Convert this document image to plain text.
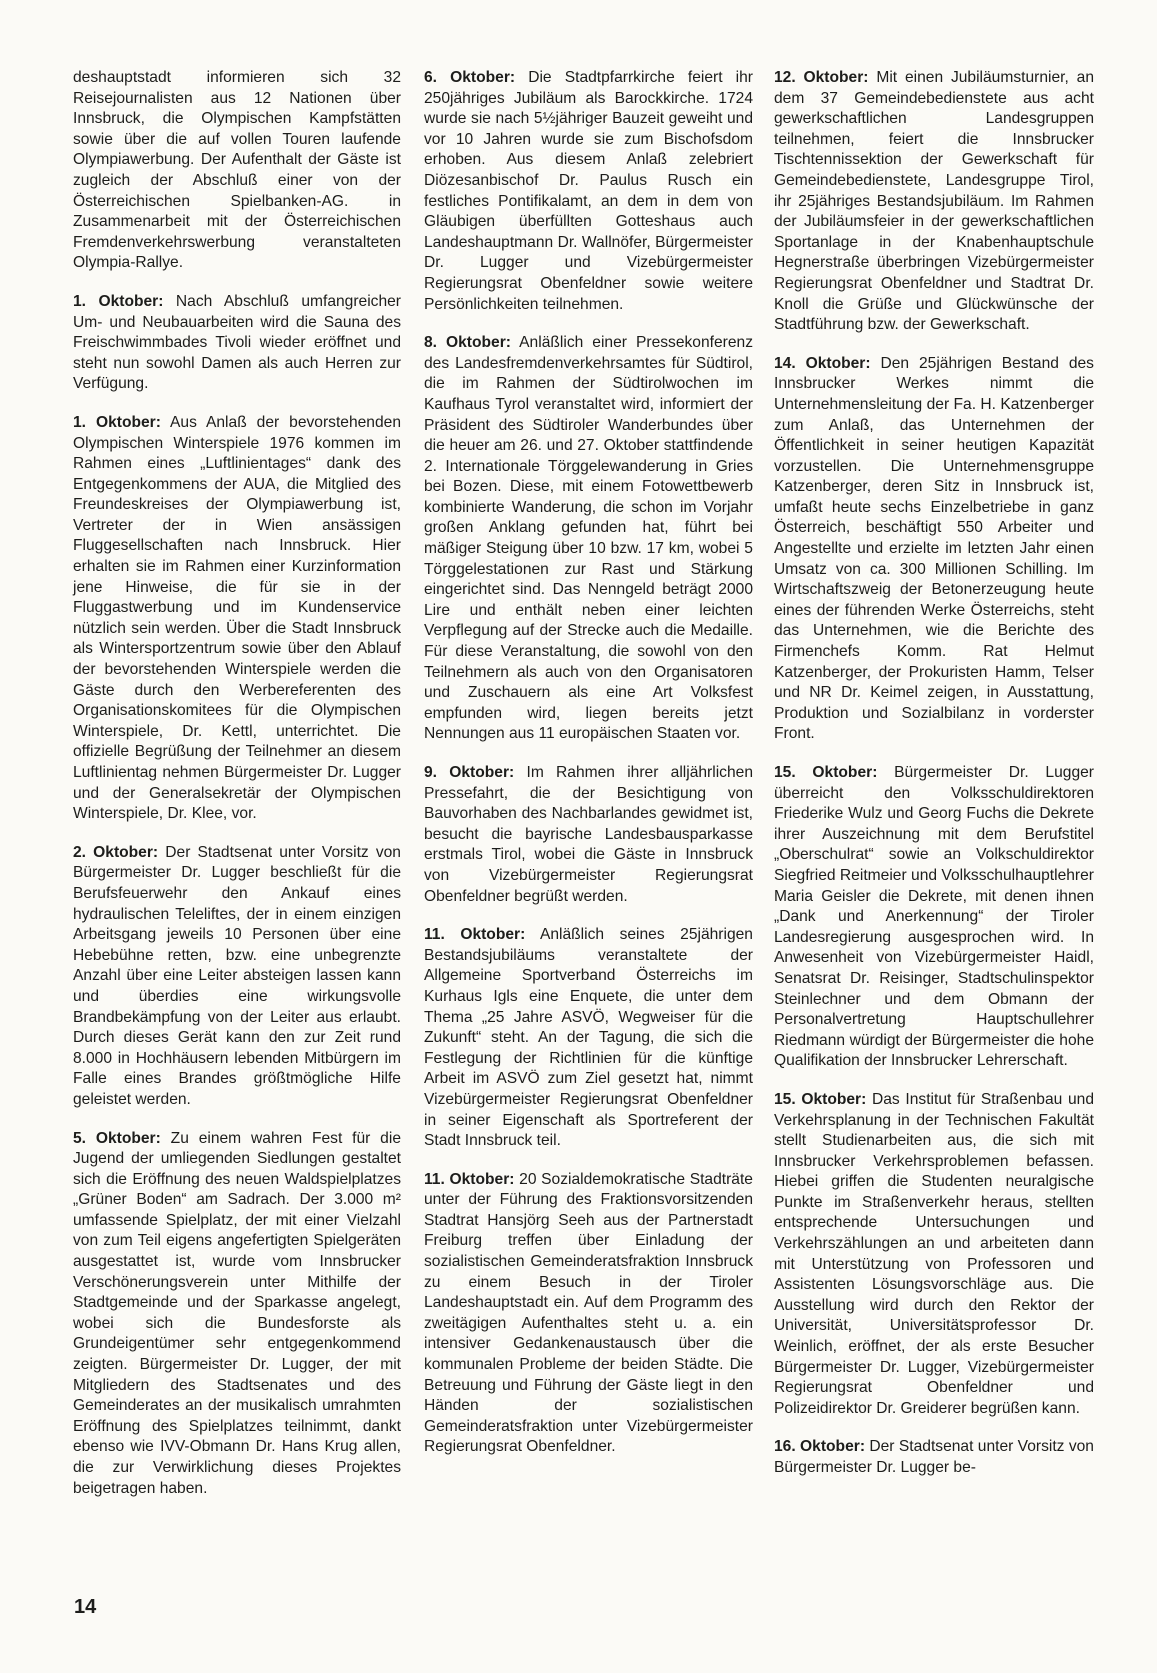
deshauptstadt informieren sich 32 Reisejournalisten aus 12 Nationen über Innsbruck, die Olympischen Kampfstätten sowie über die auf vollen Touren laufende Olympiawerbung. Der Aufenthalt der Gäste ist zugleich der Abschluß einer von der Österreichischen Spielbanken-AG. in Zusammenarbeit mit der Österreichischen Fremdenverkehrswerbung veranstalteten Olympia-Rallye.

1. Oktober: Nach Abschluß umfangreicher Um- und Neubauarbeiten wird die Sauna des Freischwimmbades Tivoli wieder eröffnet und steht nun sowohl Damen als auch Herren zur Verfügung.

1. Oktober: Aus Anlaß der bevorstehenden Olympischen Winterspiele 1976 kommen im Rahmen eines „Luftlinientages“ dank des Entgegenkommens der AUA, die Mitglied des Freundeskreises der Olympiawerbung ist, Vertreter der in Wien ansässigen Fluggesellschaften nach Innsbruck. Hier erhalten sie im Rahmen einer Kurzinformation jene Hinweise, die für sie in der Fluggastwerbung und im Kundenservice nützlich sein werden. Über die Stadt Innsbruck als Wintersportzentrum sowie über den Ablauf der bevorstehenden Winterspiele werden die Gäste durch den Werbereferenten des Organisationskomitees für die Olympischen Winterspiele, Dr. Kettl, unterrichtet. Die offizielle Begrüßung der Teilnehmer an diesem Luftlinientag nehmen Bürgermeister Dr. Lugger und der Generalsekretär der Olympischen Winterspiele, Dr. Klee, vor.

2. Oktober: Der Stadtsenat unter Vorsitz von Bürgermeister Dr. Lugger beschließt für die Berufsfeuerwehr den Ankauf eines hydraulischen Teleliftes, der in einem einzigen Arbeitsgang jeweils 10 Personen über eine Hebebühne retten, bzw. eine unbegrenzte Anzahl über eine Leiter absteigen lassen kann und überdies eine wirkungsvolle Brandbekämpfung von der Leiter aus erlaubt. Durch dieses Gerät kann den zur Zeit rund 8.000 in Hochhäusern lebenden Mitbürgern im Falle eines Brandes größtmögliche Hilfe geleistet werden.

5. Oktober: Zu einem wahren Fest für die Jugend der umliegenden Siedlungen gestaltet sich die Eröffnung des neuen Waldspielplatzes „Grüner Boden“ am Sadrach. Der 3.000 m² umfassende Spielplatz, der mit einer Vielzahl von zum Teil eigens angefertigten Spielgeräten ausgestattet ist, wurde vom Innsbrucker Verschönerungsverein unter Mithilfe der Stadtgemeinde und der Sparkasse angelegt, wobei sich die Bundesforste als Grundeigentümer sehr entgegenkommend zeigten. Bürgermeister Dr. Lugger, der mit Mitgliedern des Stadtsenates und des Gemeinderates an der musikalisch umrahmten Eröffnung des Spielplatzes teilnimmt, dankt ebenso wie IVV-Obmann Dr. Hans Krug allen, die zur Verwirklichung dieses Projektes beigetragen haben.

6. Oktober: Die Stadtpfarrkirche feiert ihr 250jähriges Jubiläum als Barockkirche. 1724 wurde sie nach 5½jähriger Bauzeit geweiht und vor 10 Jahren wurde sie zum Bischofsdom erhoben. Aus diesem Anlaß zelebriert Diözesanbischof Dr. Paulus Rusch ein festliches Pontifikalamt, an dem in dem von Gläubigen überfüllten Gotteshaus auch Landeshauptmann Dr. Wallnöfer, Bürgermeister Dr. Lugger und Vizebürgermeister Regierungsrat Obenfeldner sowie weitere Persönlichkeiten teilnehmen.

8. Oktober: Anläßlich einer Pressekonferenz des Landesfremdenverkehrsamtes für Südtirol, die im Rahmen der Südtirolwochen im Kaufhaus Tyrol veranstaltet wird, informiert der Präsident des Südtiroler Wanderbundes über die heuer am 26. und 27. Oktober stattfindende 2. Internationale Törggelewanderung in Gries bei Bozen. Diese, mit einem Fotowettbewerb kombinierte Wanderung, die schon im Vorjahr großen Anklang gefunden hat, führt bei mäßiger Steigung über 10 bzw. 17 km, wobei 5 Törggelestationen zur Rast und Stärkung eingerichtet sind. Das Nenngeld beträgt 2000 Lire und enthält neben einer leichten Verpflegung auf der Strecke auch die Medaille. Für diese Veranstaltung, die sowohl von den Teilnehmern als auch von den Organisatoren und Zuschauern als eine Art Volksfest empfunden wird, liegen bereits jetzt Nennungen aus 11 europäischen Staaten vor.

9. Oktober: Im Rahmen ihrer alljährlichen Pressefahrt, die der Besichtigung von Bauvorhaben des Nachbarlandes gewidmet ist, besucht die bayrische Landesbausparkasse erstmals Tirol, wobei die Gäste in Innsbruck von Vizebürgermeister Regierungsrat Obenfeldner begrüßt werden.

11. Oktober: Anläßlich seines 25jährigen Bestandsjubiläums veranstaltete der Allgemeine Sportverband Österreichs im Kurhaus Igls eine Enquete, die unter dem Thema „25 Jahre ASVÖ, Wegweiser für die Zukunft“ steht. An der Tagung, die sich die Festlegung der Richtlinien für die künftige Arbeit im ASVÖ zum Ziel gesetzt hat, nimmt Vizebürgermeister Regierungsrat Obenfeldner in seiner Eigenschaft als Sportreferent der Stadt Innsbruck teil.

11. Oktober: 20 Sozialdemokratische Stadträte unter der Führung des Fraktionsvorsitzenden Stadtrat Hansjörg Seeh aus der Partnerstadt Freiburg treffen über Einladung der sozialistischen Gemeinderatsfraktion Innsbruck zu einem Besuch in der Tiroler Landeshauptstadt ein. Auf dem Programm des zweitägigen Aufenthaltes steht u. a. ein intensiver Gedankenaustausch über die kommunalen Probleme der beiden Städte. Die Betreuung und Führung der Gäste liegt in den Händen der sozialistischen Gemeinderatsfraktion unter Vizebürgermeister Regierungsrat Obenfeldner.

12. Oktober: Mit einen Jubiläumsturnier, an dem 37 Gemeindebedienstete aus acht gewerkschaftlichen Landesgruppen teilnehmen, feiert die Innsbrucker Tischtennissektion der Gewerkschaft für Gemeindebedienstete, Landesgruppe Tirol, ihr 25jähriges Bestandsjubiläum. Im Rahmen der Jubiläumsfeier in der gewerkschaftlichen Sportanlage in der Knabenhauptschule Hegnerstraße überbringen Vizebürgermeister Regierungsrat Obenfeldner und Stadtrat Dr. Knoll die Grüße und Glückwünsche der Stadtführung bzw. der Gewerkschaft.

14. Oktober: Den 25jährigen Bestand des Innsbrucker Werkes nimmt die Unternehmensleitung der Fa. H. Katzenberger zum Anlaß, das Unternehmen der Öffentlichkeit in seiner heutigen Kapazität vorzustellen. Die Unternehmensgruppe Katzenberger, deren Sitz in Innsbruck ist, umfaßt heute sechs Einzelbetriebe in ganz Österreich, beschäftigt 550 Arbeiter und Angestellte und erzielte im letzten Jahr einen Umsatz von ca. 300 Millionen Schilling. Im Wirtschaftszweig der Betonerzeugung heute eines der führenden Werke Österreichs, steht das Unternehmen, wie die Berichte des Firmenchefs Komm. Rat Helmut Katzenberger, der Prokuristen Hamm, Telser und NR Dr. Keimel zeigen, in Ausstattung, Produktion und Sozialbilanz in vorderster Front.

15. Oktober: Bürgermeister Dr. Lugger überreicht den Volksschuldirektoren Friederike Wulz und Georg Fuchs die Dekrete ihrer Auszeichnung mit dem Berufstitel „Oberschulrat“ sowie an Volkschuldirektor Siegfried Reitmeier und Volksschulhauptlehrer Maria Geisler die Dekrete, mit denen ihnen „Dank und Anerkennung“ der Tiroler Landesregierung ausgesprochen wird. In Anwesenheit von Vizebürgermeister Haidl, Senatsrat Dr. Reisinger, Stadtschulinspektor Steinlechner und dem Obmann der Personalvertretung Hauptschullehrer Riedmann würdigt der Bürgermeister die hohe Qualifikation der Innsbrucker Lehrerschaft.

15. Oktober: Das Institut für Straßenbau und Verkehrsplanung in der Technischen Fakultät stellt Studienarbeiten aus, die sich mit Innsbrucker Verkehrsproblemen befassen. Hiebei griffen die Studenten neuralgische Punkte im Straßenverkehr heraus, stellten entsprechende Untersuchungen und Verkehrszählungen an und arbeiteten dann mit Unterstützung von Professoren und Assistenten Lösungsvorschläge aus. Die Ausstellung wird durch den Rektor der Universität, Universitätsprofessor Dr. Weinlich, eröffnet, der als erste Besucher Bürgermeister Dr. Lugger, Vizebürgermeister Regierungsrat Obenfeldner und Polizeidirektor Dr. Greiderer begrüßen kann.

16. Oktober: Der Stadtsenat unter Vorsitz von Bürgermeister Dr. Lugger be-

14
